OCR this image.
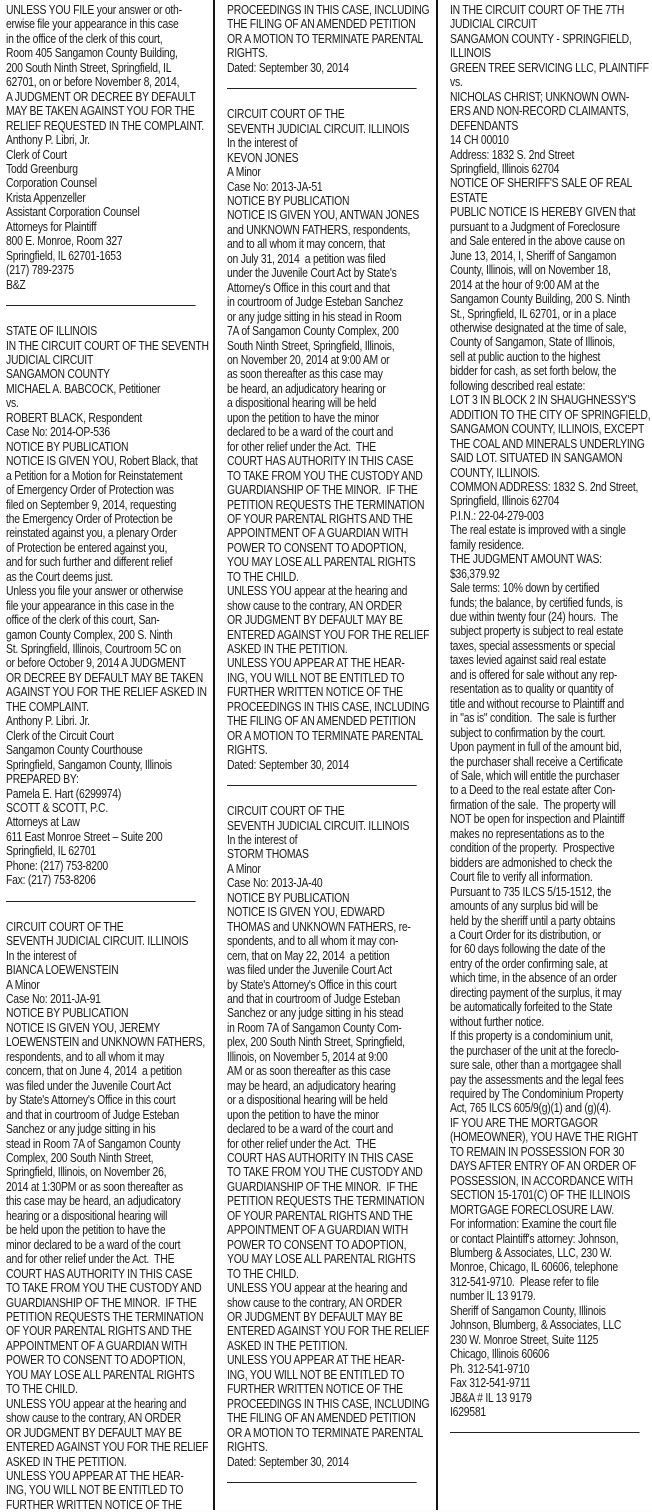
UNLESS YOU FILE your answer or oth-
erwise file your appearance in this case
in the office of the clerk of this court,
Room 405 Sangamon County Building,
200 South Ninth Street, Springfield, IL
62701, on or before November 8, 2014,
A JUDGMENT OR DECREE BY DEFAULT
MAY BE TAKEN AGAINST YOU FOR THE
RELIEF REQUESTED IN THE COMPLAINT.
Anthony P. Libri, Jr.
Clerk of Court
Todd Greenburg
Corporation Counsel
Krista Appenzeller
Assistant Corporation Counsel
Attorneys for Plaintiff
800 E. Monroe, Room 327
Springfield, IL 62701-1653
(217) 789-2375
B&Z
STATE OF ILLINOIS
IN THE CIRCUIT COURT OF THE SEVENTH
JUDICIAL CIRCUIT
SANGAMON COUNTY
MICHAEL A. BABCOCK, Petitioner
vs.
ROBERT BLACK, Respondent
Case No: 2014-OP-536
NOTICE BY PUBLICATION
NOTICE IS GIVEN YOU, Robert Black, that
a Petition for a Motion for Reinstatement
of Emergency Order of Protection was
filed on September 9, 2014, requesting
the Emergency Order of Protection be
reinstated against you, a plenary Order
of Protection be entered against you,
and for such further and different relief
as the Court deems just.
Unless you file your answer or otherwise
file your appearance in this case in the
office of the clerk of this court, San-
gamon County Complex, 200 S. Ninth
St. Springfield, Illinois, Courtroom 5C on
or before October 9, 2014 A JUDGMENT
OR DECREE BY DEFAULT MAY BE TAKEN
AGAINST YOU FOR THE RELIEF ASKED IN
THE COMPLAINT.
Anthony P. Libri. Jr.
Clerk of the Circuit Court
Sangamon County Courthouse
Springfield, Sangamon County, Illinois
PREPARED BY:
Pamela E. Hart (6299974)
SCOTT & SCOTT, P.C.
Attorneys at Law
611 East Monroe Street – Suite 200
Springfield, IL 62701
Phone: (217) 753-8200
Fax: (217) 753-8206
CIRCUIT COURT OF THE
SEVENTH JUDICIAL CIRCUIT. ILLINOIS
In the interest of
BIANCA LOEWENSTEIN
A Minor
Case No: 2011-JA-91
NOTICE BY PUBLICATION
NOTICE IS GIVEN YOU, JEREMY
LOEWENSTEIN and UNKNOWN FATHERS,
respondents, and to all whom it may
concern, that on June 4, 2014  a petition
was filed under the Juvenile Court Act
by State's Attorney's Office in this court
and that in courtroom of Judge Esteban
Sanchez or any judge sitting in his
stead in Room 7A of Sangamon County
Complex, 200 South Ninth Street,
Springfield, Illinois, on November 26,
2014 at 1:30PM or as soon thereafter as
this case may be heard, an adjudicatory
hearing or a dispositional hearing will
be held upon the petition to have the
minor declared to be a ward of the court
and for other relief under the Act.  THE
COURT HAS AUTHORITY IN THIS CASE
TO TAKE FROM YOU THE CUSTODY AND
GUARDIANSHIP OF THE MINOR.  IF THE
PETITION REQUESTS THE TERMINATION
OF YOUR PARENTAL RIGHTS AND THE
APPOINTMENT OF A GUARDIAN WITH
POWER TO CONSENT TO ADOPTION,
YOU MAY LOSE ALL PARENTAL RIGHTS
TO THE CHILD.
UNLESS YOU appear at the hearing and
show cause to the contrary, AN ORDER
OR JUDGMENT BY DEFAULT MAY BE
ENTERED AGAINST YOU FOR THE RELIEF
ASKED IN THE PETITION.
UNLESS YOU APPEAR AT THE HEAR-
ING, YOU WILL NOT BE ENTITLED TO
FURTHER WRITTEN NOTICE OF THE
PROCEEDINGS IN THIS CASE, INCLUDING
THE FILING OF AN AMENDED PETITION
OR A MOTION TO TERMINATE PARENTAL
RIGHTS.
Dated: September 30, 2014
CIRCUIT COURT OF THE
SEVENTH JUDICIAL CIRCUIT. ILLINOIS
In the interest of
KEVON JONES
A Minor
Case No: 2013-JA-51
NOTICE BY PUBLICATION
NOTICE IS GIVEN YOU, ANTWAN JONES
and UNKNOWN FATHERS, respondents,
and to all whom it may concern, that
on July 31, 2014  a petition was filed
under the Juvenile Court Act by State's
Attorney's Office in this court and that
in courtroom of Judge Esteban Sanchez
or any judge sitting in his stead in Room
7A of Sangamon County Complex, 200
South Ninth Street, Springfield, Illinois,
on November 20, 2014 at 9:00 AM or
as soon thereafter as this case may
be heard, an adjudicatory hearing or
a dispositional hearing will be held
upon the petition to have the minor
declared to be a ward of the court and
for other relief under the Act.  THE
COURT HAS AUTHORITY IN THIS CASE
TO TAKE FROM YOU THE CUSTODY AND
GUARDIANSHIP OF THE MINOR.  IF THE
PETITION REQUESTS THE TERMINATION
OF YOUR PARENTAL RIGHTS AND THE
APPOINTMENT OF A GUARDIAN WITH
POWER TO CONSENT TO ADOPTION,
YOU MAY LOSE ALL PARENTAL RIGHTS
TO THE CHILD.
UNLESS YOU appear at the hearing and
show cause to the contrary, AN ORDER
OR JUDGMENT BY DEFAULT MAY BE
ENTERED AGAINST YOU FOR THE RELIEF
ASKED IN THE PETITION.
UNLESS YOU APPEAR AT THE HEAR-
ING, YOU WILL NOT BE ENTITLED TO
FURTHER WRITTEN NOTICE OF THE
PROCEEDINGS IN THIS CASE, INCLUDING
THE FILING OF AN AMENDED PETITION
OR A MOTION TO TERMINATE PARENTAL
RIGHTS.
Dated: September 30, 2014
CIRCUIT COURT OF THE
SEVENTH JUDICIAL CIRCUIT. ILLINOIS
In the interest of
STORM THOMAS
A Minor
Case No: 2013-JA-40
NOTICE BY PUBLICATION
NOTICE IS GIVEN YOU, EDWARD
THOMAS and UNKNOWN FATHERS, re-
spondents, and to all whom it may con-
cern, that on May 22, 2014  a petition
was filed under the Juvenile Court Act
by State's Attorney's Office in this court
and that in courtroom of Judge Esteban
Sanchez or any judge sitting in his stead
in Room 7A of Sangamon County Com-
plex, 200 South Ninth Street, Springfield,
Illinois, on November 5, 2014 at 9:00
AM or as soon thereafter as this case
may be heard, an adjudicatory hearing
or a dispositional hearing will be held
upon the petition to have the minor
declared to be a ward of the court and
for other relief under the Act.  THE
COURT HAS AUTHORITY IN THIS CASE
TO TAKE FROM YOU THE CUSTODY AND
GUARDIANSHIP OF THE MINOR.  IF THE
PETITION REQUESTS THE TERMINATION
OF YOUR PARENTAL RIGHTS AND THE
APPOINTMENT OF A GUARDIAN WITH
POWER TO CONSENT TO ADOPTION,
YOU MAY LOSE ALL PARENTAL RIGHTS
TO THE CHILD.
UNLESS YOU appear at the hearing and
show cause to the contrary, AN ORDER
OR JUDGMENT BY DEFAULT MAY BE
ENTERED AGAINST YOU FOR THE RELIEF
ASKED IN THE PETITION.
UNLESS YOU APPEAR AT THE HEAR-
ING, YOU WILL NOT BE ENTITLED TO
FURTHER WRITTEN NOTICE OF THE
PROCEEDINGS IN THIS CASE, INCLUDING
THE FILING OF AN AMENDED PETITION
OR A MOTION TO TERMINATE PARENTAL
RIGHTS.
Dated: September 30, 2014
IN THE CIRCUIT COURT OF THE 7TH
JUDICIAL CIRCUIT
SANGAMON COUNTY - SPRINGFIELD,
ILLINOIS
GREEN TREE SERVICING LLC, PLAINTIFF
vs.
NICHOLAS CHRIST; UNKNOWN OWN-
ERS AND NON-RECORD CLAIMANTS,
DEFENDANTS
14 CH 00010
Address: 1832 S. 2nd Street
Springfield, Illinois 62704
NOTICE OF SHERIFF'S SALE OF REAL
ESTATE
PUBLIC NOTICE IS HEREBY GIVEN that
pursuant to a Judgment of Foreclosure
and Sale entered in the above cause on
June 13, 2014, I, Sheriff of Sangamon
County, Illinois, will on November 18,
2014 at the hour of 9:00 AM at the
Sangamon County Building, 200 S. Ninth
St., Springfield, IL 62701, or in a place
otherwise designated at the time of sale,
County of Sangamon, State of Illinois,
sell at public auction to the highest
bidder for cash, as set forth below, the
following described real estate:
LOT 3 IN BLOCK 2 IN SHAUGHNESSY'S
ADDITION TO THE CITY OF SPRINGFIELD,
SANGAMON COUNTY, ILLINOIS, EXCEPT
THE COAL AND MINERALS UNDERLYING
SAID LOT. SITUATED IN SANGAMON
COUNTY, ILLINOIS.
COMMON ADDRESS: 1832 S. 2nd Street,
Springfield, Illinois 62704
P.I.N.: 22-04-279-003
The real estate is improved with a single
family residence.
THE JUDGMENT AMOUNT WAS:
$36,379.92
Sale terms: 10% down by certified
funds; the balance, by certified funds, is
due within twenty four (24) hours.  The
subject property is subject to real estate
taxes, special assessments or special
taxes levied against said real estate
and is offered for sale without any rep-
resentation as to quality or quantity of
title and without recourse to Plaintiff and
in "as is" condition.  The sale is further
subject to confirmation by the court.
Upon payment in full of the amount bid,
the purchaser shall receive a Certificate
of Sale, which will entitle the purchaser
to a Deed to the real estate after Con-
firmation of the sale.  The property will
NOT be open for inspection and Plaintiff
makes no representations as to the
condition of the property.  Prospective
bidders are admonished to check the
Court file to verify all information.
Pursuant to 735 ILCS 5/15-1512, the
amounts of any surplus bid will be
held by the sheriff until a party obtains
a Court Order for its distribution, or
for 60 days following the date of the
entry of the order confirming sale, at
which time, in the absence of an order
directing payment of the surplus, it may
be automatically forfeited to the State
without further notice.
If this property is a condominium unit,
the purchaser of the unit at the foreclo-
sure sale, other than a mortgagee shall
pay the assessments and the legal fees
required by The Condominium Property
Act, 765 ILCS 605/9(g)(1) and (g)(4).
IF YOU ARE THE MORTGAGOR
(HOMEOWNER), YOU HAVE THE RIGHT
TO REMAIN IN POSSESSION FOR 30
DAYS AFTER ENTRY OF AN ORDER OF
POSSESSION, IN ACCORDANCE WITH
SECTION 15-1701(C) OF THE ILLINOIS
MORTGAGE FORECLOSURE LAW.
For information: Examine the court file
or contact Plaintiff's attorney: Johnson,
Blumberg & Associates, LLC, 230 W.
Monroe, Chicago, IL 60606, telephone
312-541-9710.  Please refer to file
number IL 13 9179.
Sheriff of Sangamon County, Illinois
Johnson, Blumberg, & Associates, LLC
230 W. Monroe Street, Suite 1125
Chicago, Illinois 60606
Ph. 312-541-9710
Fax 312-541-9711
JB&A # IL 13 9179
I629581
